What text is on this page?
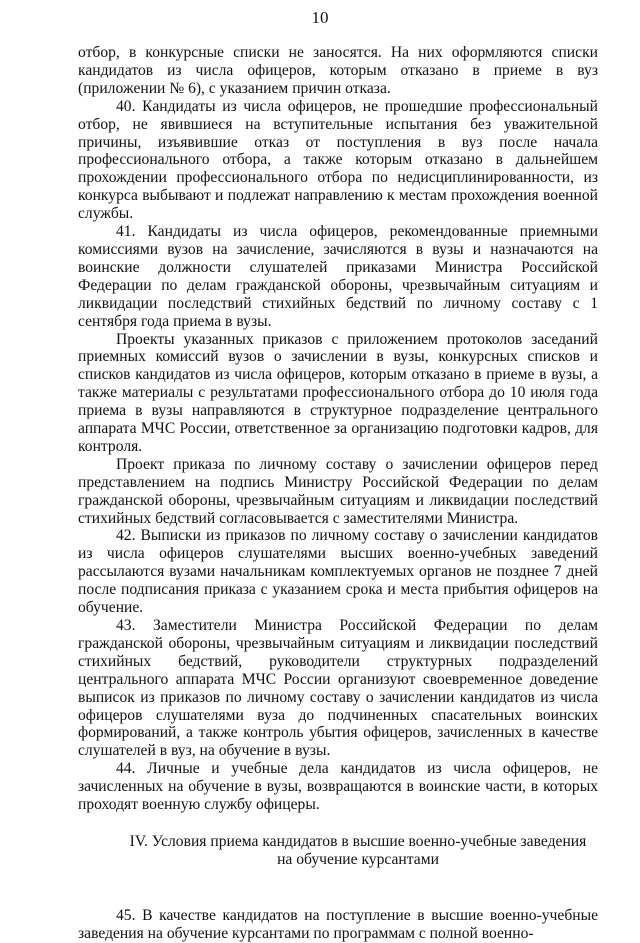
10

отбор, в конкурсные списки не заносятся. На них оформляются списки кандидатов из числа офицеров, которым отказано в приеме в вуз (приложении № 6), с указанием причин отказа.

40. Кандидаты из числа офицеров, не прошедшие профессиональный отбор, не явившиеся на вступительные испытания без уважительной причины, изъявившие отказ от поступления в вуз после начала профессионального отбора, а также которым отказано в дальнейшем прохождении профессионального отбора по недисциплинированности, из конкурса выбывают и подлежат направлению к местам прохождения военной службы.

41. Кандидаты из числа офицеров, рекомендованные приемными комиссиями вузов на зачисление, зачисляются в вузы и назначаются на воинские должности слушателей приказами Министра Российской Федерации по делам гражданской обороны, чрезвычайным ситуациям и ликвидации последствий стихийных бедствий по личному составу с 1 сентября года приема в вузы.

Проекты указанных приказов с приложением протоколов заседаний приемных комиссий вузов о зачислении в вузы, конкурсных списков и списков кандидатов из числа офицеров, которым отказано в приеме в вузы, а также материалы с результатами профессионального отбора до 10 июля года приема в вузы направляются в структурное подразделение центрального аппарата МЧС России, ответственное за организацию подготовки кадров, для контроля.

Проект приказа по личному составу о зачислении офицеров перед представлением на подпись Министру Российской Федерации по делам гражданской обороны, чрезвычайным ситуациям и ликвидации последствий стихийных бедствий согласовывается с заместителями Министра.

42. Выписки из приказов по личному составу о зачислении кандидатов из числа офицеров слушателями высших военно-учебных заведений рассылаются вузами начальникам комплектуемых органов не позднее 7 дней после подписания приказа с указанием срока и места прибытия офицеров на обучение.

43. Заместители Министра Российской Федерации по делам гражданской обороны, чрезвычайным ситуациям и ликвидации последствий стихийных бедствий, руководители структурных подразделений центрального аппарата МЧС России организуют своевременное доведение выписок из приказов по личному составу о зачислении кандидатов из числа офицеров слушателями вуза до подчиненных спасательных воинских формирований, а также контроль убытия офицеров, зачисленных в качестве слушателей в вуз, на обучение в вузы.

44. Личные и учебные дела кандидатов из числа офицеров, не зачисленных на обучение в вузы, возвращаются в воинские части, в которых проходят военную службу офицеры.

IV. Условия приема кандидатов в высшие военно-учебные заведения
на обучение курсантами

45. В качестве кандидатов на поступление в высшие военно-учебные заведения на обучение курсантами по программам с полной военно-
